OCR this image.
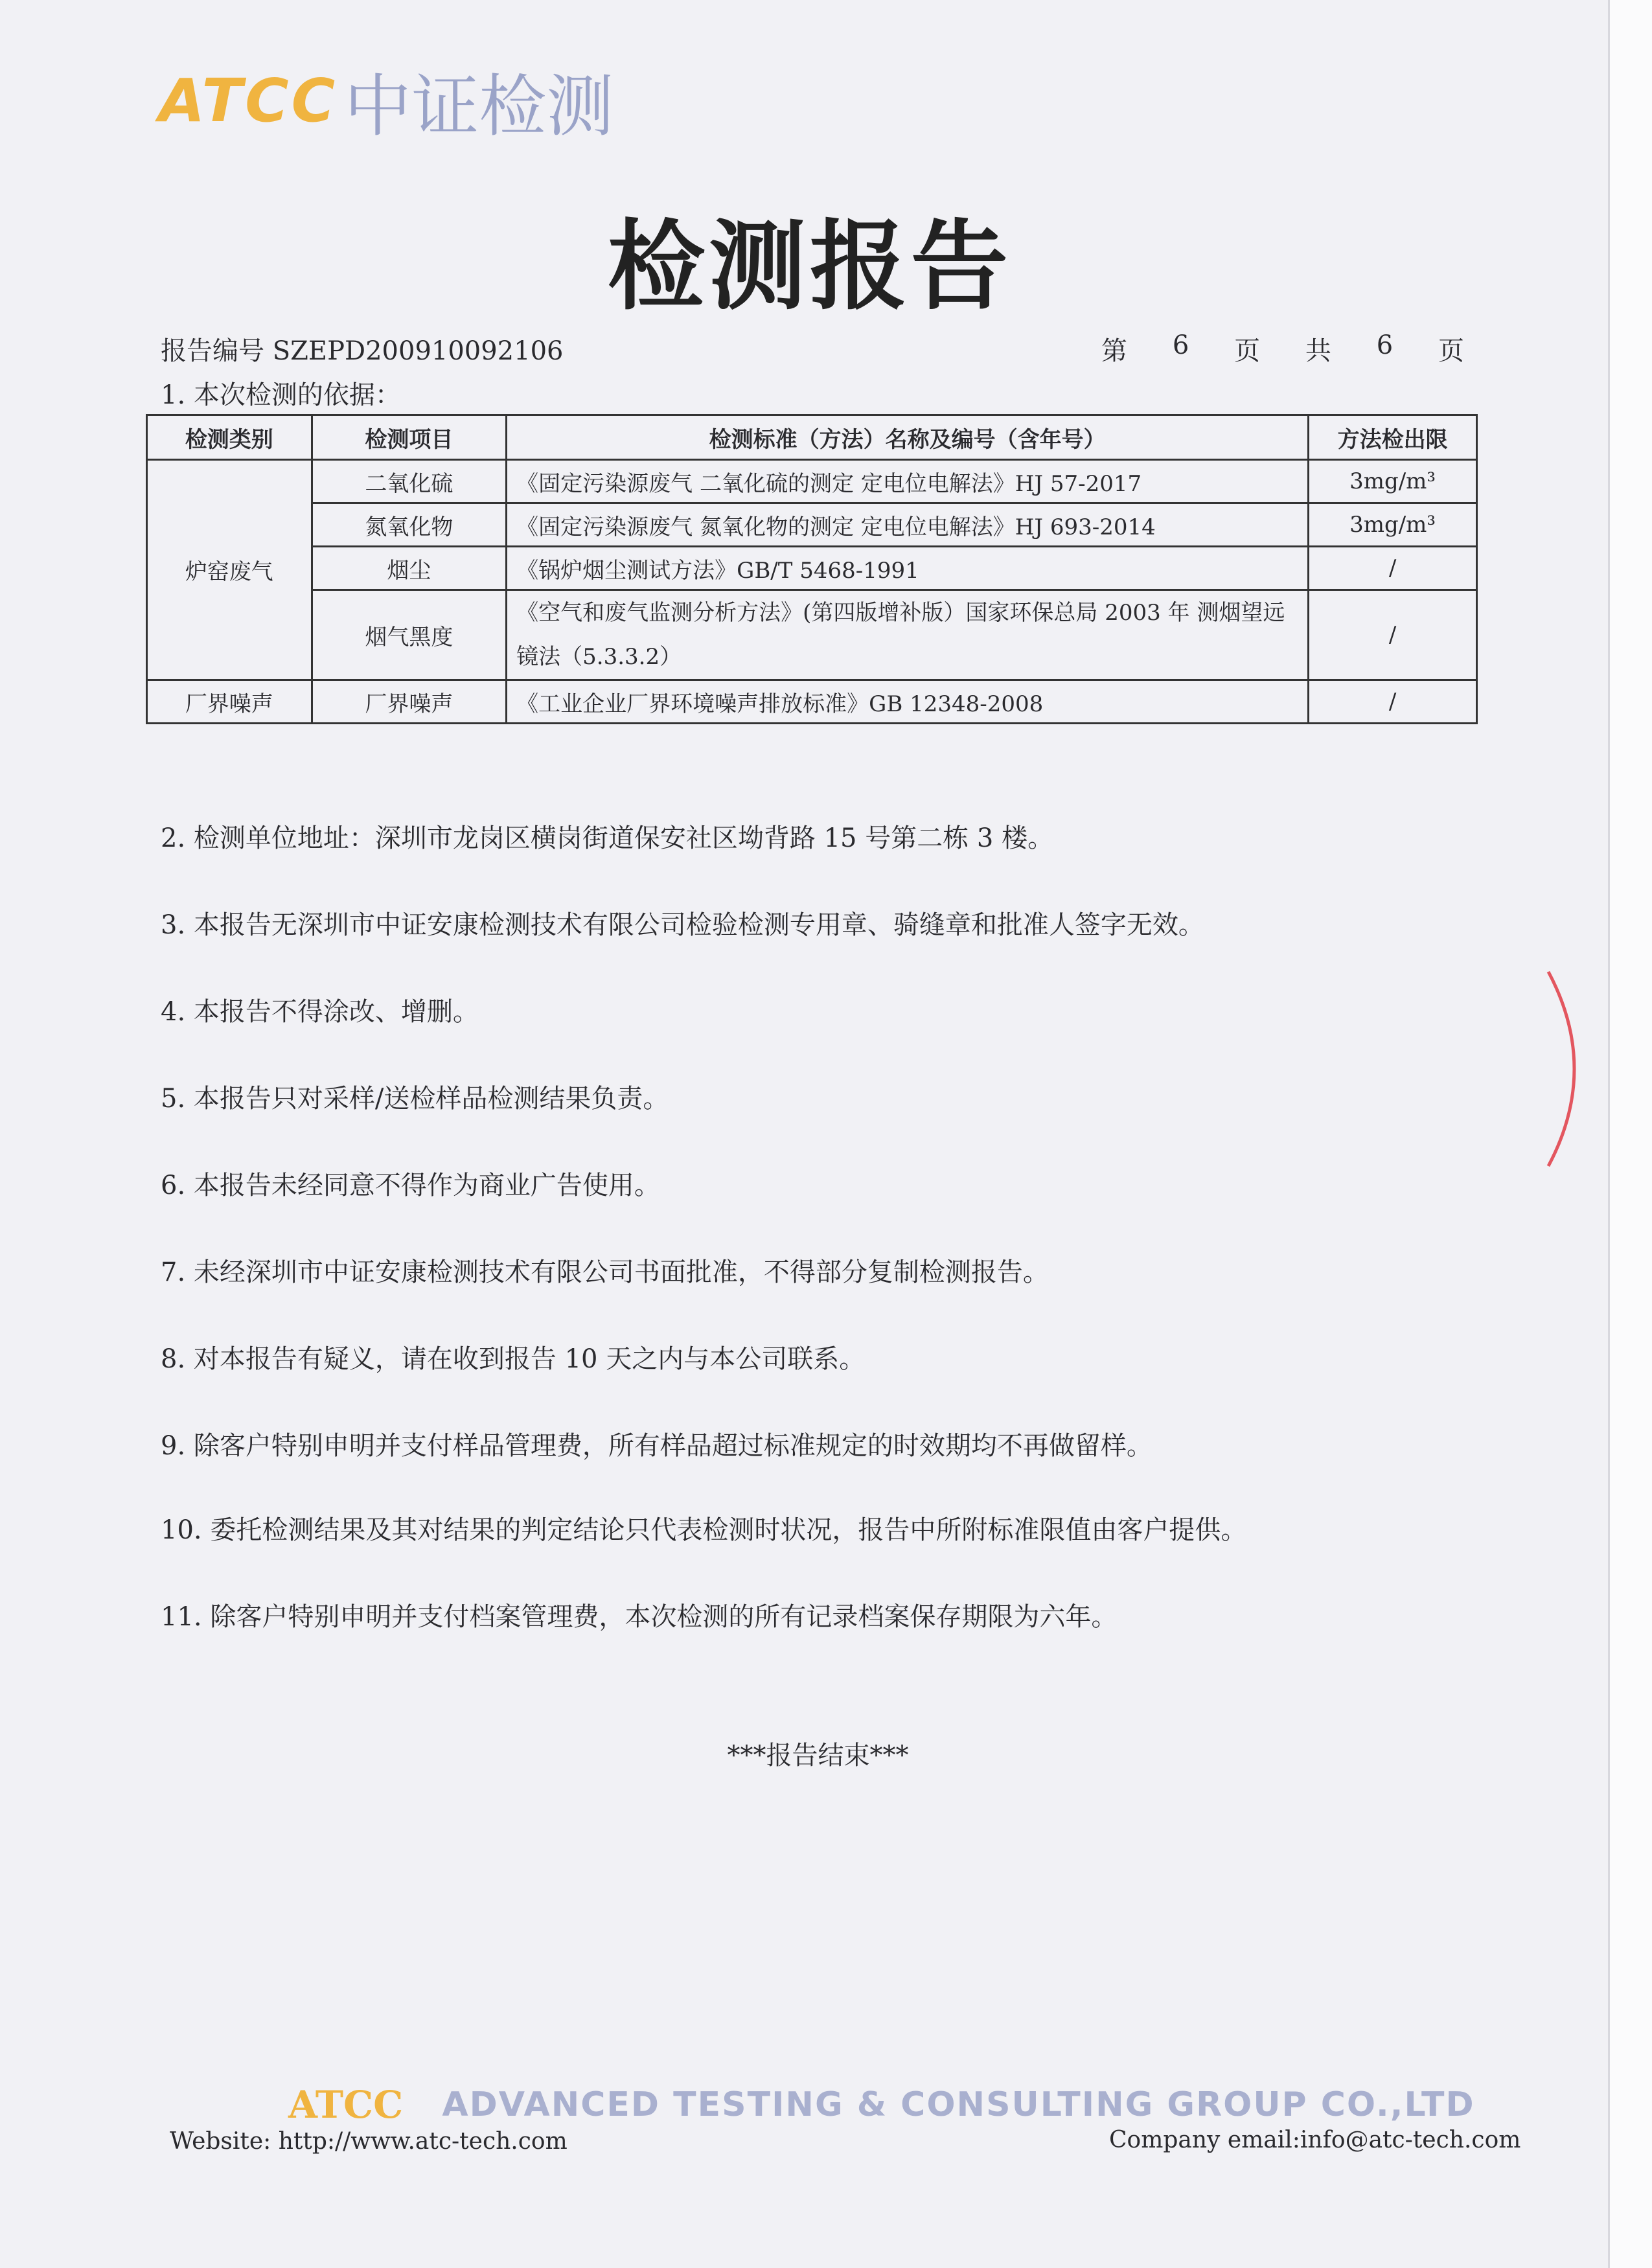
ATCC 中证检测
检测报告
报告编号 SZEPD200910092106	第 6 页 共 6 页
1. 本次检测的依据：
检测类别	检测项目	检测标准（方法）名称及编号（含年号）	方法检出限
炉窑废气	二氧化硫	《固定污染源废气 二氧化硫的测定 定电位电解法》HJ 57-2017	3mg/m³
	氮氧化物	《固定污染源废气 氮氧化物的测定 定电位电解法》HJ 693-2014	3mg/m³
	烟尘	《锅炉烟尘测试方法》GB/T 5468-1991	/
	烟气黑度	《空气和废气监测分析方法》(第四版增补版）国家环保总局 2003 年 测烟望远镜法（5.3.3.2）	/
厂界噪声	厂界噪声	《工业企业厂界环境噪声排放标准》GB 12348-2008	/
2. 检测单位地址：深圳市龙岗区横岗街道保安社区坳背路 15 号第二栋 3 楼。
3. 本报告无深圳市中证安康检测技术有限公司检验检测专用章、骑缝章和批准人签字无效。
4. 本报告不得涂改、增删。
5. 本报告只对采样/送检样品检测结果负责。
6. 本报告未经同意不得作为商业广告使用。
7. 未经深圳市中证安康检测技术有限公司书面批准，不得部分复制检测报告。
8. 对本报告有疑义，请在收到报告 10 天之内与本公司联系。
9. 除客户特别申明并支付样品管理费，所有样品超过标准规定的时效期均不再做留样。
10. 委托检测结果及其对结果的判定结论只代表检测时状况，报告中所附标准限值由客户提供。
11. 除客户特别申明并支付档案管理费，本次检测的所有记录档案保存期限为六年。
***报告结束***
ATCC ADVANCED TESTING & CONSULTING GROUP CO.,LTD
Website: http://www.atc-tech.com	Company email:info@atc-tech.com
